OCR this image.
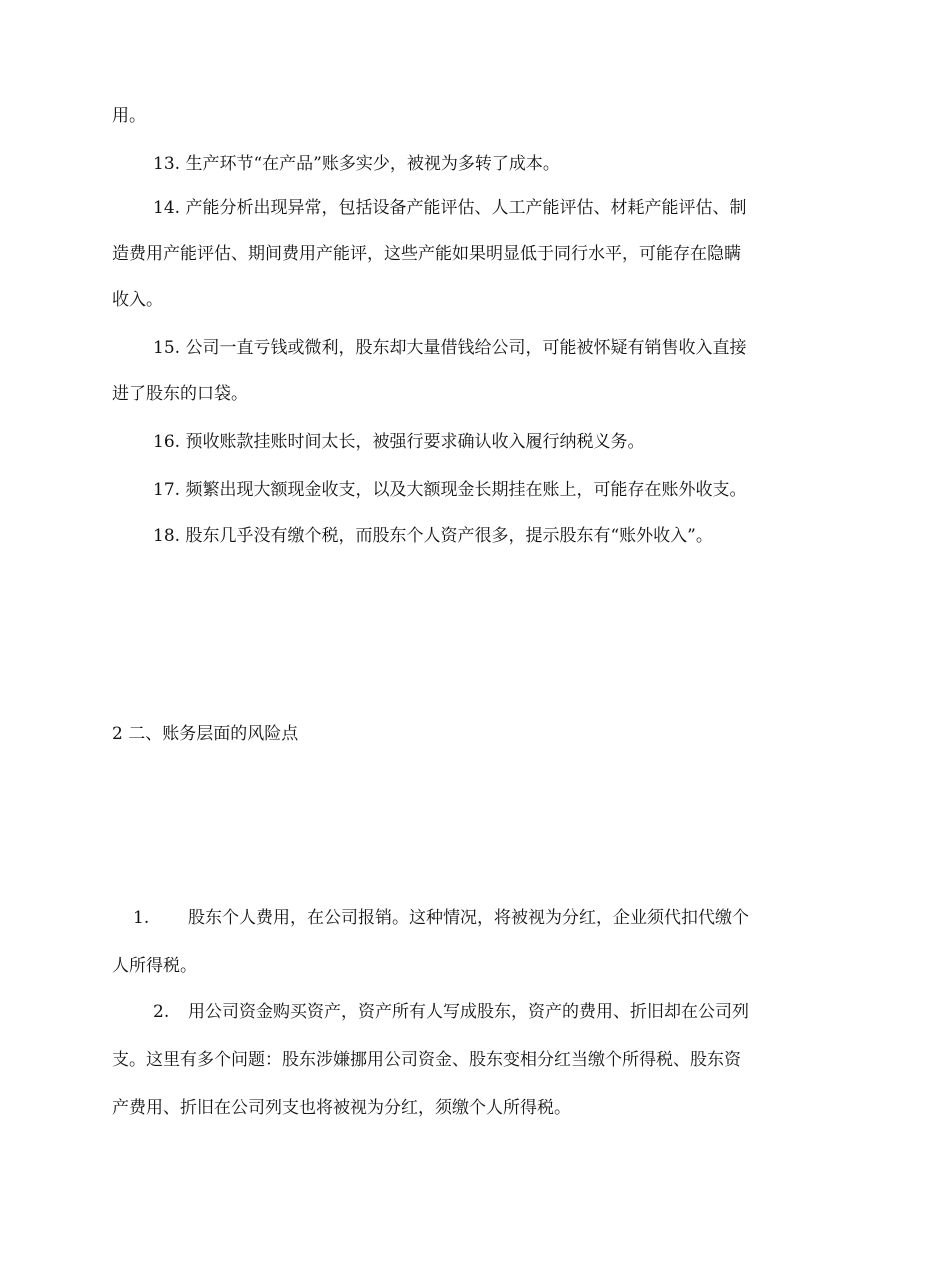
用。
13. 生产环节“在产品”账多实少，被视为多转了成本。
14. 产能分析出现异常，包括设备产能评估、人工产能评估、材耗产能评估、制
造费用产能评估、期间费用产能评，这些产能如果明显低于同行水平，可能存在隐瞒
收入。
15. 公司一直亏钱或微利，股东却大量借钱给公司，可能被怀疑有销售收入直接
进了股东的口袋。
16. 预收账款挂账时间太长，被强行要求确认收入履行纳税义务。
17. 频繁出现大额现金收支，以及大额现金长期挂在账上，可能存在账外收支。
18. 股东几乎没有缴个税，而股东个人资产很多，提示股东有“账外收入”。
2 二、账务层面的风险点
1. 股东个人费用，在公司报销。这种情况，将被视为分红，企业须代扣代缴个
人所得税。
2. 用公司资金购买资产，资产所有人写成股东，资产的费用、折旧却在公司列
支。这里有多个问题：股东涉嫌挪用公司资金、股东变相分红当缴个所得税、股东资
产费用、折旧在公司列支也将被视为分红，须缴个人所得税。
